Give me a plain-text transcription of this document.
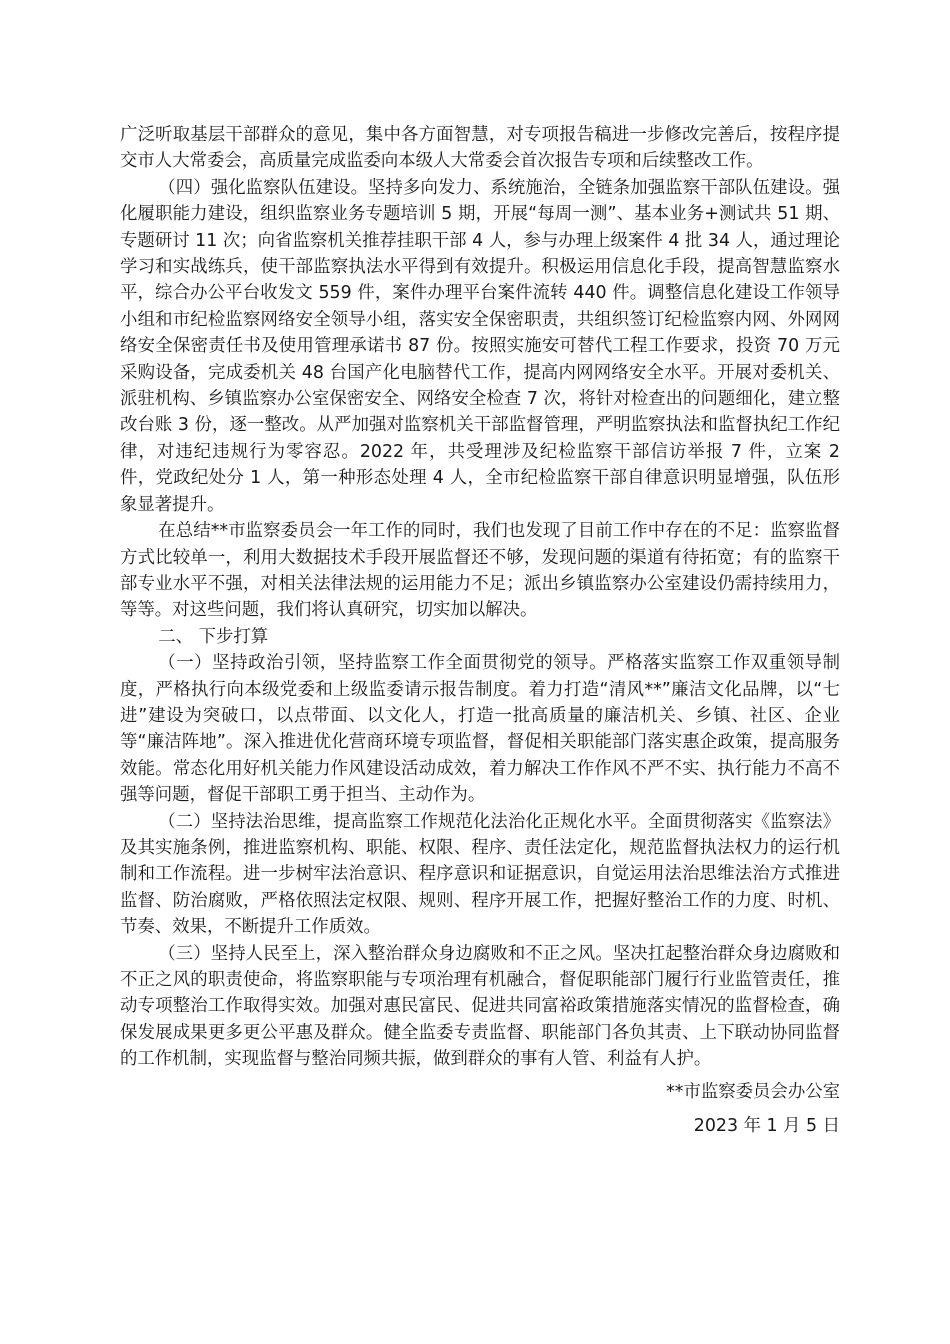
广泛听取基层干部群众的意见，集中各方面智慧，对专项报告稿进一步修改完善后，按程序提交市人大常委会，高质量完成监委向本级人大常委会首次报告专项和后续整改工作。

（四）强化监察队伍建设。坚持多向发力、系统施治，全链条加强监察干部队伍建设。强化履职能力建设，组织监察业务专题培训 5 期，开展“每周一测”、基本业务+测试共 51 期、专题研讨 11 次；向省监察机关推荐挂职干部 4 人，参与办理上级案件 4 批 34 人，通过理论学习和实战练兵，使干部监察执法水平得到有效提升。积极运用信息化手段，提高智慧监察水平，综合办公平台收发文 559 件，案件办理平台案件流转 440 件。调整信息化建设工作领导小组和市纪检监察网络安全领导小组，落实安全保密职责，共组织签订纪检监察内网、外网网络安全保密责任书及使用管理承诺书 87 份。按照实施安可替代工程工作要求，投资 70 万元采购设备，完成委机关 48 台国产化电脑替代工作，提高内网网络安全水平。开展对委机关、派驻机构、乡镇监察办公室保密安全、网络安全检查 7 次，将针对检查出的问题细化，建立整改台账 3 份，逐一整改。从严加强对监察机关干部监督管理，严明监察执法和监督执纪工作纪律，对违纪违规行为零容忍。2022 年，共受理涉及纪检监察干部信访举报 7 件，立案 2 件，党政纪处分 1 人，第一种形态处理 4 人，全市纪检监察干部自律意识明显增强，队伍形象显著提升。

在总结**市监察委员会一年工作的同时，我们也发现了目前工作中存在的不足：监察监督方式比较单一，利用大数据技术手段开展监督还不够，发现问题的渠道有待拓宽；有的监察干部专业水平不强，对相关法律法规的运用能力不足；派出乡镇监察办公室建设仍需持续用力，等等。对这些问题，我们将认真研究，切实加以解决。

二、 下步打算

（一）坚持政治引领，坚持监察工作全面贯彻党的领导。严格落实监察工作双重领导制度，严格执行向本级党委和上级监委请示报告制度。着力打造“清风**”廉洁文化品牌，以“七进”建设为突破口，以点带面、以文化人，打造一批高质量的廉洁机关、乡镇、社区、企业等“廉洁阵地”。深入推进优化营商环境专项监督，督促相关职能部门落实惠企政策，提高服务效能。常态化用好机关能力作风建设活动成效，着力解决工作作风不严不实、执行能力不高不强等问题，督促干部职工勇于担当、主动作为。

（二）坚持法治思维，提高监察工作规范化法治化正规化水平。全面贯彻落实《监察法》及其实施条例，推进监察机构、职能、权限、程序、责任法定化，规范监督执法权力的运行机制和工作流程。进一步树牢法治意识、程序意识和证据意识，自觉运用法治思维法治方式推进监督、防治腐败，严格依照法定权限、规则、程序开展工作，把握好整治工作的力度、时机、节奏、效果，不断提升工作质效。

（三）坚持人民至上，深入整治群众身边腐败和不正之风。坚决扛起整治群众身边腐败和不正之风的职责使命，将监察职能与专项治理有机融合，督促职能部门履行行业监管责任，推动专项整治工作取得实效。加强对惠民富民、促进共同富裕政策措施落实情况的监督检查，确保发展成果更多更公平惠及群众。健全监委专责监督、职能部门各负其责、上下联动协同监督的工作机制，实现监督与整治同频共振，做到群众的事有人管、利益有人护。

**市监察委员会办公室

2023 年 1 月 5 日
